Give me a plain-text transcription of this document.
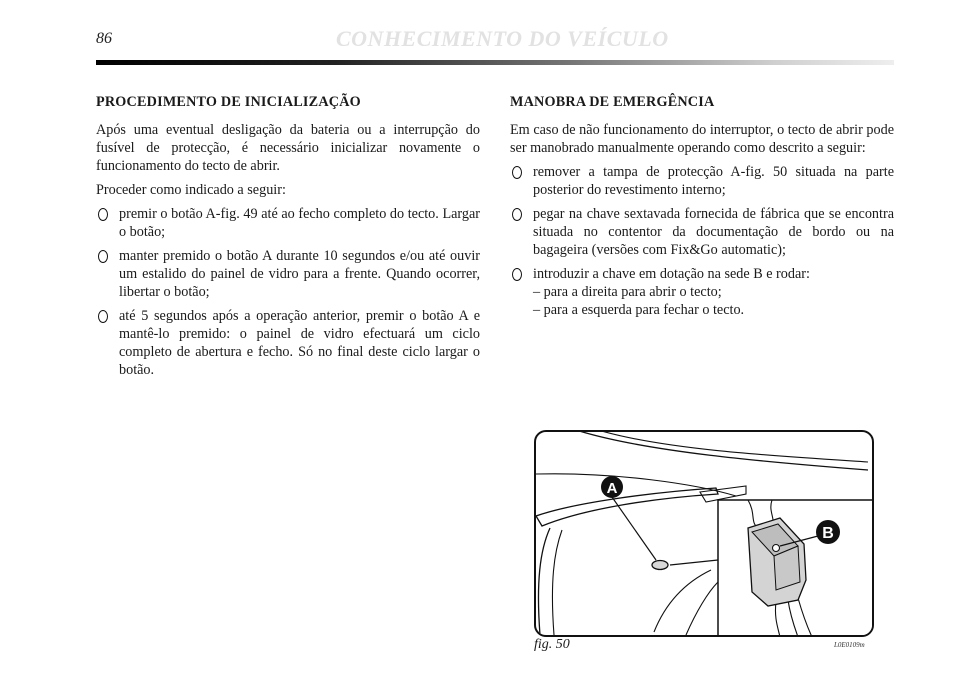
86	CONHECIMENTO DO VEÍCULO

PROCEDIMENTO DE INICIALIZAÇÃO

Após uma eventual desligação da bateria ou a interrupção do fusível de protecção, é necessário inicializar novamente o funcionamento do tecto de abrir.

Proceder como indicado a seguir:

premir o botão A-fig. 49 até ao fecho completo do tecto. Largar o botão;
manter premido o botão A durante 10 segundos e/ou até ouvir um estalido do painel de vidro para a frente. Quando ocorrer, libertar o botão;
até 5 segundos após a operação anterior, premir o botão A e mantê-lo premido: o painel de vidro efectuará um ciclo completo de abertura e fecho. Só no final deste ciclo largar o botão.

MANOBRA DE EMERGÊNCIA

Em caso de não funcionamento do interruptor, o tecto de abrir pode ser manobrado manualmente operando como descrito a seguir:

remover a tampa de protecção A-fig. 50 situada na parte posterior do revestimento interno;
pegar na chave sextavada fornecida de fábrica que se encontra situada no contentor da documentação de bordo ou na bagageira (versões com Fix&Go automatic);
introduzir a chave em dotação na sede B e rodar:
– para a direita para abrir o tecto;
– para a esquerda para fechar o tecto.
A
B
fig. 50	L0E0109m
